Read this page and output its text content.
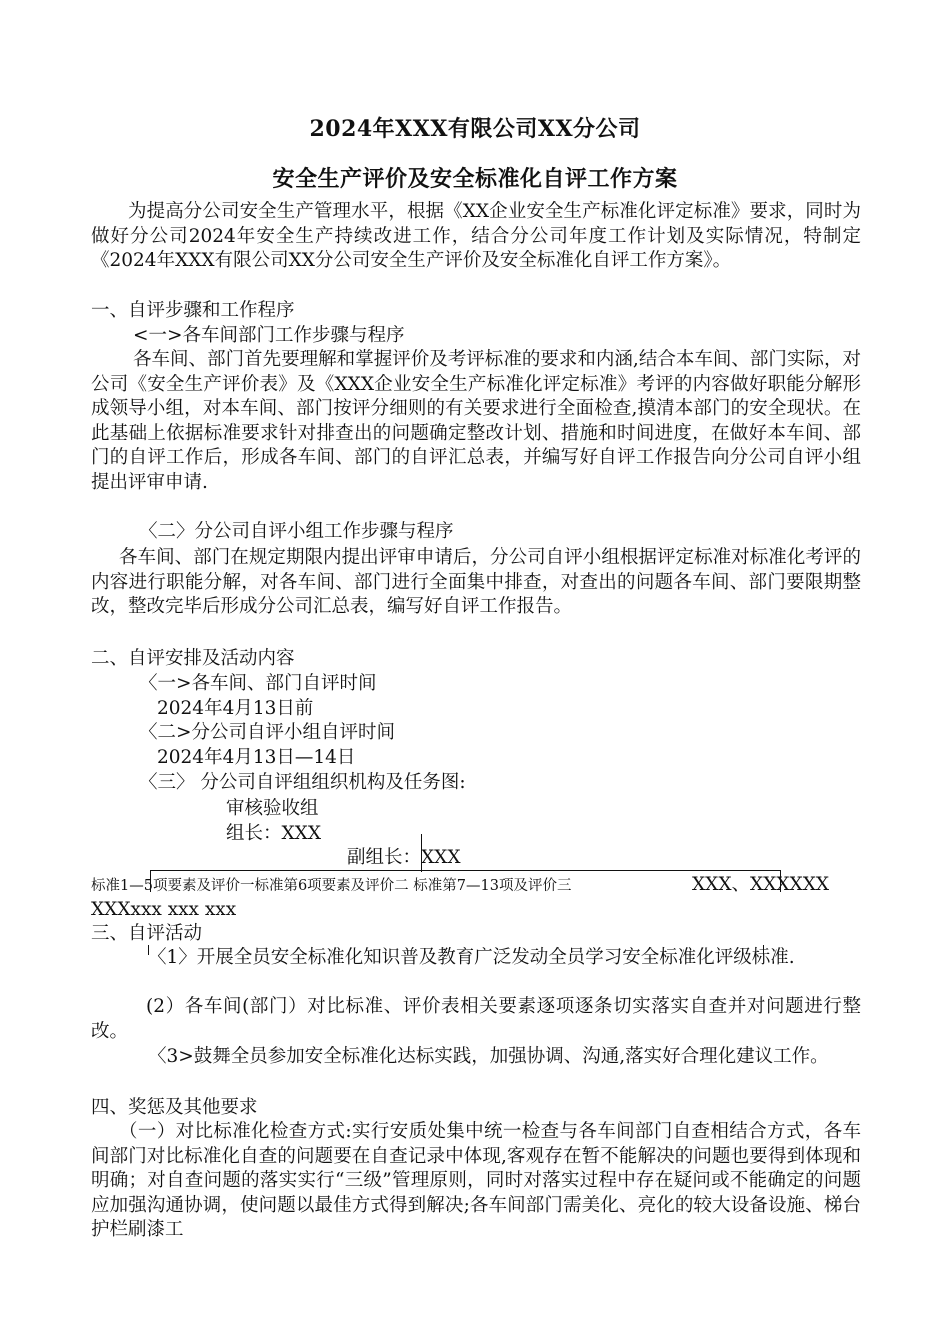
2024年XXX有限公司XX分公司
安全生产评价及安全标准化自评工作方案
为提高分公司安全生产管理水平，根据《XX企业安全生产标准化评定标准》要求，同时为做好分公司2024年安全生产持续改进工作，结合分公司年度工作计划及实际情况，特制定《2024年XXX有限公司XX分公司安全生产评价及安全标准化自评工作方案》。
一、自评步骤和工作程序
<一>各车间部门工作步骤与程序
各车间、部门首先要理解和掌握评价及考评标准的要求和内涵,结合本车间、部门实际，对公司《安全生产评价表》及《XXX企业安全生产标准化评定标准》考评的内容做好职能分解形成领导小组，对本车间、部门按评分细则的有关要求进行全面检查,摸清本部门的安全现状。在此基础上依据标准要求针对排查出的问题确定整改计划、措施和时间进度，在做好本车间、部门的自评工作后，形成各车间、部门的自评汇总表，并编写好自评工作报告向分公司自评小组提出评审申请.
〈二〉分公司自评小组工作步骤与程序
各车间、部门在规定期限内提出评审申请后，分公司自评小组根据评定标准对标准化考评的内容进行职能分解，对各车间、部门进行全面集中排查，对查出的问题各车间、部门要限期整改，整改完毕后形成分公司汇总表，编写好自评工作报告。
二、自评安排及活动内容
〈一>各车间、部门自评时间
2024年4月13日前
〈二>分公司自评小组自评时间
2024年4月13日—14日
〈三〉 分公司自评组组织机构及任务图:
审核验收组
组长：XXX
副组长：XXX
标准1—5项要素及评价一标准第6项要素及评价二 标准第7—13项及评价三	XXX、XXXXXX
XXXxxx xxx xxx
三、自评活动
〈1〉开展全员安全标准化知识普及教育广泛发动全员学习安全标准化评级标准.
(2）各车间(部门）对比标准、评价表相关要素逐项逐条切实落实自查并对问题进行整改。
〈3>鼓舞全员参加安全标准化达标实践，加强协调、沟通,落实好合理化建议工作。
四、奖惩及其他要求
（一）对比标准化检查方式:实行安质处集中统一检查与各车间部门自查相结合方式，各车间部门对比标准化自查的问题要在自查记录中体现,客观存在暂不能解决的问题也要得到体现和明确；对自查问题的落实实行“三级”管理原则，同时对落实过程中存在疑问或不能确定的问题应加强沟通协调，使问题以最佳方式得到解决;各车间部门需美化、亮化的较大设备设施、梯台护栏刷漆工
